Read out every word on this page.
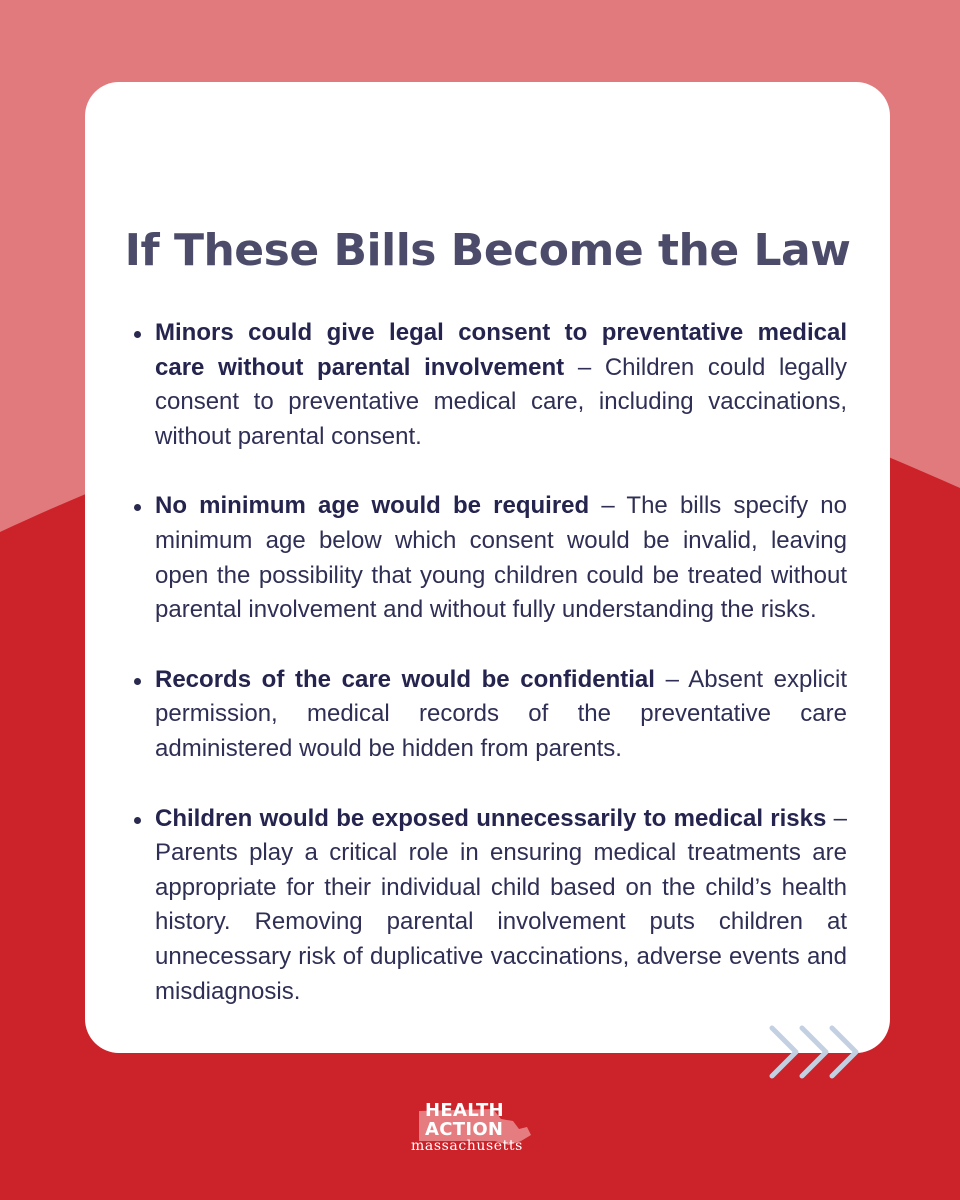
If These Bills Become the Law
Minors could give legal consent to preventative medical care without parental involvement – Children could legally consent to preventative medical care, including vaccinations, without parental consent.
No minimum age would be required – The bills specify no minimum age below which consent would be invalid, leaving open the possibility that young children could be treated without parental involvement and without fully understanding the risks.
Records of the care would be confidential – Absent explicit permission, medical records of the preventative care administered would be hidden from parents.
Children would be exposed unnecessarily to medical risks – Parents play a critical role in ensuring medical treatments are appropriate for their individual child based on the child’s health history. Removing parental involvement puts children at unnecessary risk of duplicative vaccinations, adverse events and misdiagnosis.
HEALTH
ACTION
massachusetts
